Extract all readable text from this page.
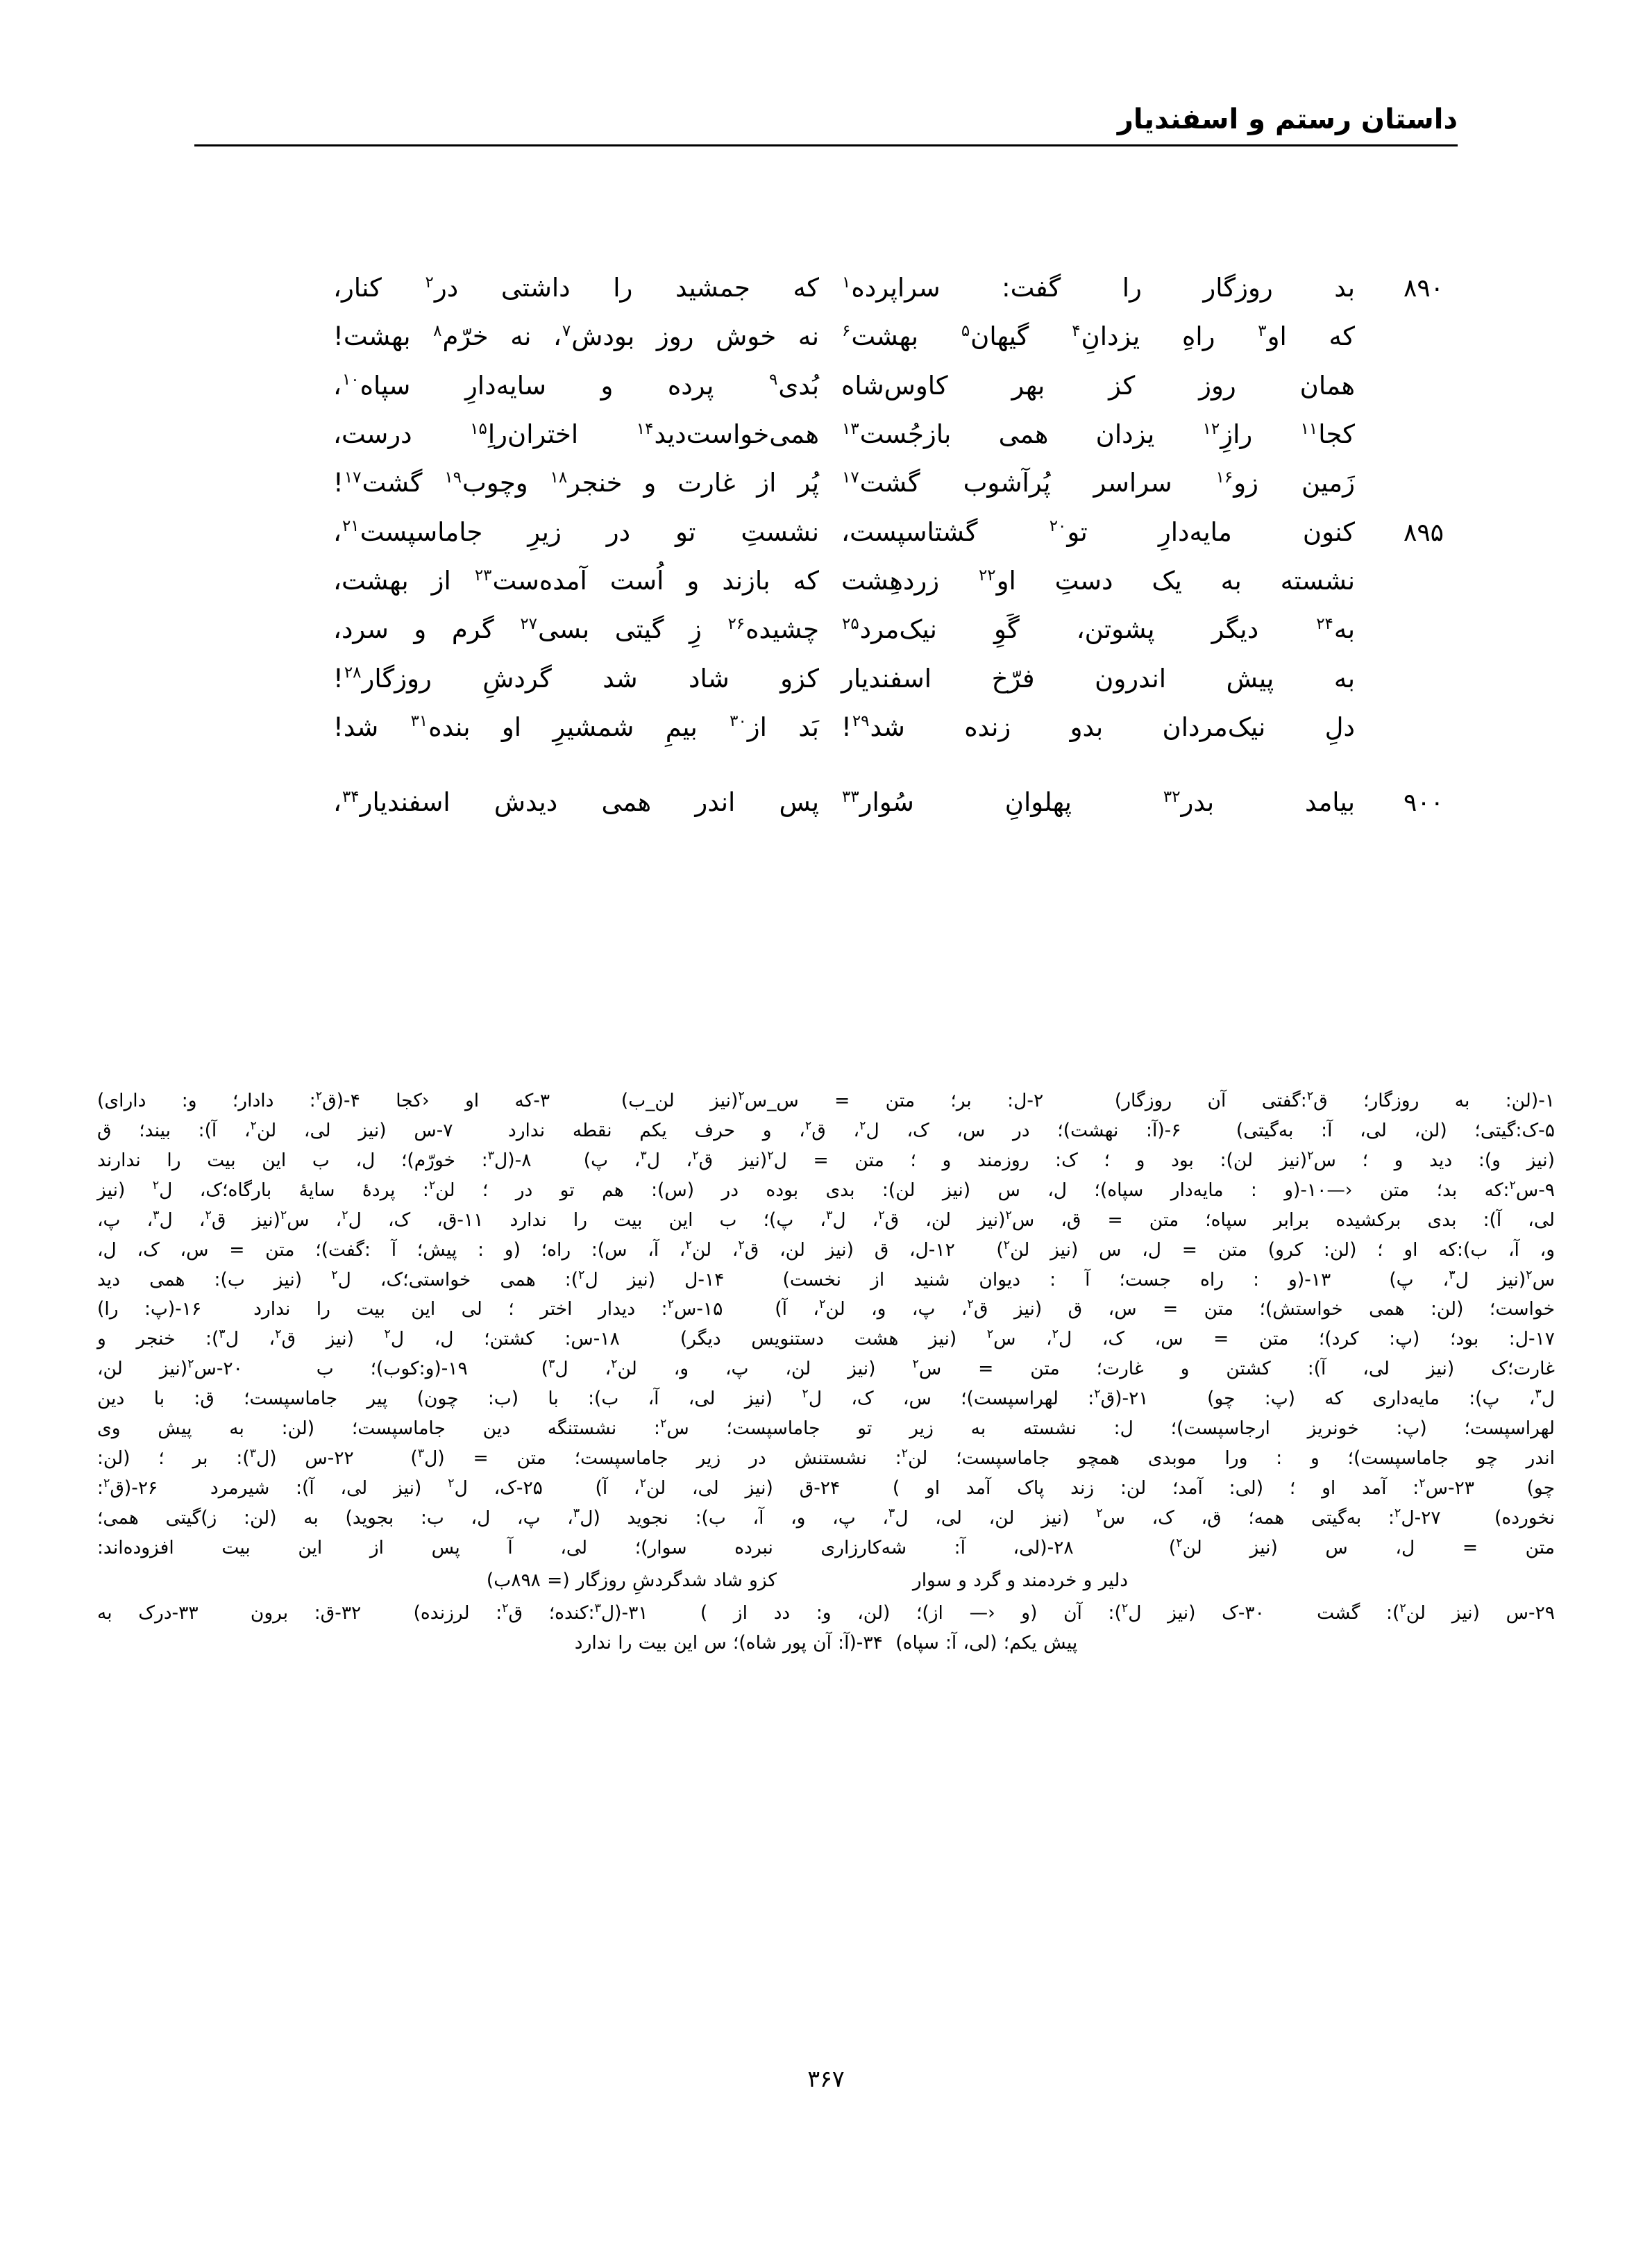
داستان رستم و اسفندیار
۸۹۰
بد روزگار را گفت: سراپرده$^۱$
که جمشید را داشتی در$^۲$ کنار،
که او$^۳$ راهِ یزدانِ$^۴$ گیهان$^۵$ بهشت$^۶$
نه خوش روز بودش$^۷$، نه خرّم$^۸$ بهشت!
همان روز کز بهر کاوس‌شاه
بُدی$^۹$ پرده و سایه‌دارِ سپاه$^{۱۰}$،
کجا$^{۱۱}$ رازِ$^{۱۲}$ یزدان همی بازجُست$^{۱۳}$
همی‌خواست‌دید$^{۱۴}$ اختران‌راِ$^{۱۵}$ درست،
زَمین زو$^{۱۶}$ سراسر پُرآشوب گشت$^{۱۷}$
پُر از غارت و خنجر$^{۱۸}$ وچوب$^{۱۹}$ گشت$^{۱۷}$!
۸۹۵
کنون مایه‌دارِ تو$^{۲۰}$ گشتاسپست،
نشستِ تو در زیرِ جاماسپست$^{۲۱}$،
نشسته به یک دستِ او$^{۲۲}$ زردهِشت
که بازند و اُست آمده‌ست$^{۲۳}$ از بهشت،
به$^{۲۴}$ دیگر پشوتن، گَوِ نیک‌مرد$^{۲۵}$
چشیده$^{۲۶}$ زِ گیتی بسی$^{۲۷}$ گرم و سرد،
به پیش اندرون فرّخ اسفندیار
کزو شاد شد گردشِ روزگار$^{۲۸}$!
دلِ نیک‌مردان بدو زنده شد$^{۲۹}$!
بَد از$^{۳۰}$ بیمِ شمشیرِ او بنده$^{۳۱}$ شد!
۹۰۰
بیامد بدر$^{۳۲}$ پهلوانِ سُوار$^{۳۳}$
پس اندر همی دیدش اسفندیار$^{۳۴}$،

۱-(لن: به روزگار؛ ق$^۲$:گفتی آن روزگار)  ۲-ل: بر؛ متن = س_س$^۲$(نیز لن_ب)  ۳-که او ‹کجا ۴-(ق$^۲$: دادار؛ و: دارای)

۵-ک:گیتی؛ (لن، لی، آ: به‌گیتی)  ۶-(آ: نهشت)؛ در س، ک، ل$^۲$، ق$^۲$، و حرف یکم نقطه ندارد  ۷-س (نیز لی، لن$^۲$، آ): بیند؛ ق

(نیز و): دید و ؛ س$^۲$(نیز لن): بود و ؛ ک: روزمند و ؛ متن = ل$^۲$(نیز ق$^۲$، ل$^۳$، پ)  ۸-(ل$^۳$: خورّم)؛ ل، ب این بیت را ندارند

۹-س$^۲$:که بد؛ متن ‹—۱۰-(و : مایه‌دار سپاه)؛ ل، س (نیز لن): بدی بوده در (س): هم تو در ؛ لن$^۲$: پردهٔ سایهٔ بارگاه؛ک، ل$^۲$ (نیز

لی، آ): بدی برکشیده برابر سپاه؛ متن = ق، س$^۲$(نیز لن، ق$^۲$، ل$^۳$، پ)؛ ب این بیت را ندارد ۱۱-ق، ک، ل$^۲$، س$^۲$(نیز ق$^۲$، ل$^۳$، پ،

و، آ، ب):که او ؛ (لن: کرو) متن = ل، س (نیز لن$^۲$)  ۱۲-ل، ق (نیز لن، ق$^۲$، لن$^۲$، آ، س): راه؛ (و : پیش؛ آ :گفت)؛ متن = س، ک، ل،

س$^۲$(نیز ل$^۳$، پ)  ۱۳-(و : راه جست؛ آ : دیوان شنید از نخست)  ۱۴-ل (نیز ل$^۲$): همی خواستی؛ک، ل$^۲$ (نیز ب): همی دید

خواست؛ (لن: همی خواستش)؛ متن = س، ق (نیز ق$^۲$، پ، و، لن$^۲$، آ)  ۱۵-س$^۲$: دیدار اختر ؛ لی این بیت را ندارد  ۱۶-(پ: را)

۱۷-ل: بود؛ (پ: کرد)؛ متن = س، ک، ل$^۲$، س$^۲$ (نیز هشت دستنویس دیگر)  ۱۸-س: کشتن؛ ل، ل$^۲$ (نیز ق$^۲$، ل$^۳$): خنجر و

غارت؛ک (نیز لی، آ): کشتن و غارت؛ متن = س$^۲$ (نیز لن، پ، و، لن$^۲$، ل$^۳$)  ۱۹-(و:کوب)؛ ب  ۲۰-س$^۲$(نیز لن،

ل$^۳$، پ): مایه‌داری که (پ: چو)  ۲۱-(ق$^۲$: لهراسپست)؛ س، ک، ل$^۲$ (نیز لی، آ، ب): با (ب: چون) پیر جاماسپست؛ ق: با دین

لهراسپست؛ (پ: خونریز ارجاسپست)؛ ل: نشسته به زیر تو جاماسپست؛ س$^۲$: نشستنگه دین جاماسپست؛ (لن: به پیش وی

اندر چو جاماسپست)؛ و : ورا موبدی همچو جاماسپست؛ لن$^۲$: نشستنش در زیر جاماسپست؛ متن = (ل$^۳$)  ۲۲-س (ل$^۳$): بر ؛ (لن:

چو)  ۲۳-س$^۲$: آمد او ؛ (لی: آمد؛ لن: زند پاک آمد او )  ۲۴-ق (نیز لی، لن$^۲$، آ)  ۲۵-ک، ل$^۲$ (نیز لی، آ): شیرمرد  ۲۶-(ق$^۲$:

نخورده)  ۲۷-ل$^۲$: به‌گیتی همه؛ ق، ک، س$^۲$ (نیز لن، لی، ل$^۳$، پ، و، آ، ب): نجوید (ل$^۳$، پ، ل، ب: بجوید) به (لن: ز)گیتی همی؛

متن = ل، س (نیز لن$^۲$)  ۲۸-(لی، آ: شه‌کارزاری نبرده سوار)؛ لی، آ پس از این بیت افزوده‌اند:

دلیر و خردمند و گرد و سوار
کزو شاد شدگردشِ روزگار (= ۸۹۸ب)

۲۹-س (نیز لن$^۲$): گشت  ۳۰-ک (نیز ل$^۲$): آن (و ‹— از)؛ (لن، و: دد از )  ۳۱-(ل$^۳$:کنده؛ ق$^۲$: لرزنده)  ۳۲-ق: برون  ۳۳-درک به

پیش یکم؛ (لی، آ: سپاه)  ۳۴-(آ: آن پور شاه)؛ س این بیت را ندارد

۳۶۷
